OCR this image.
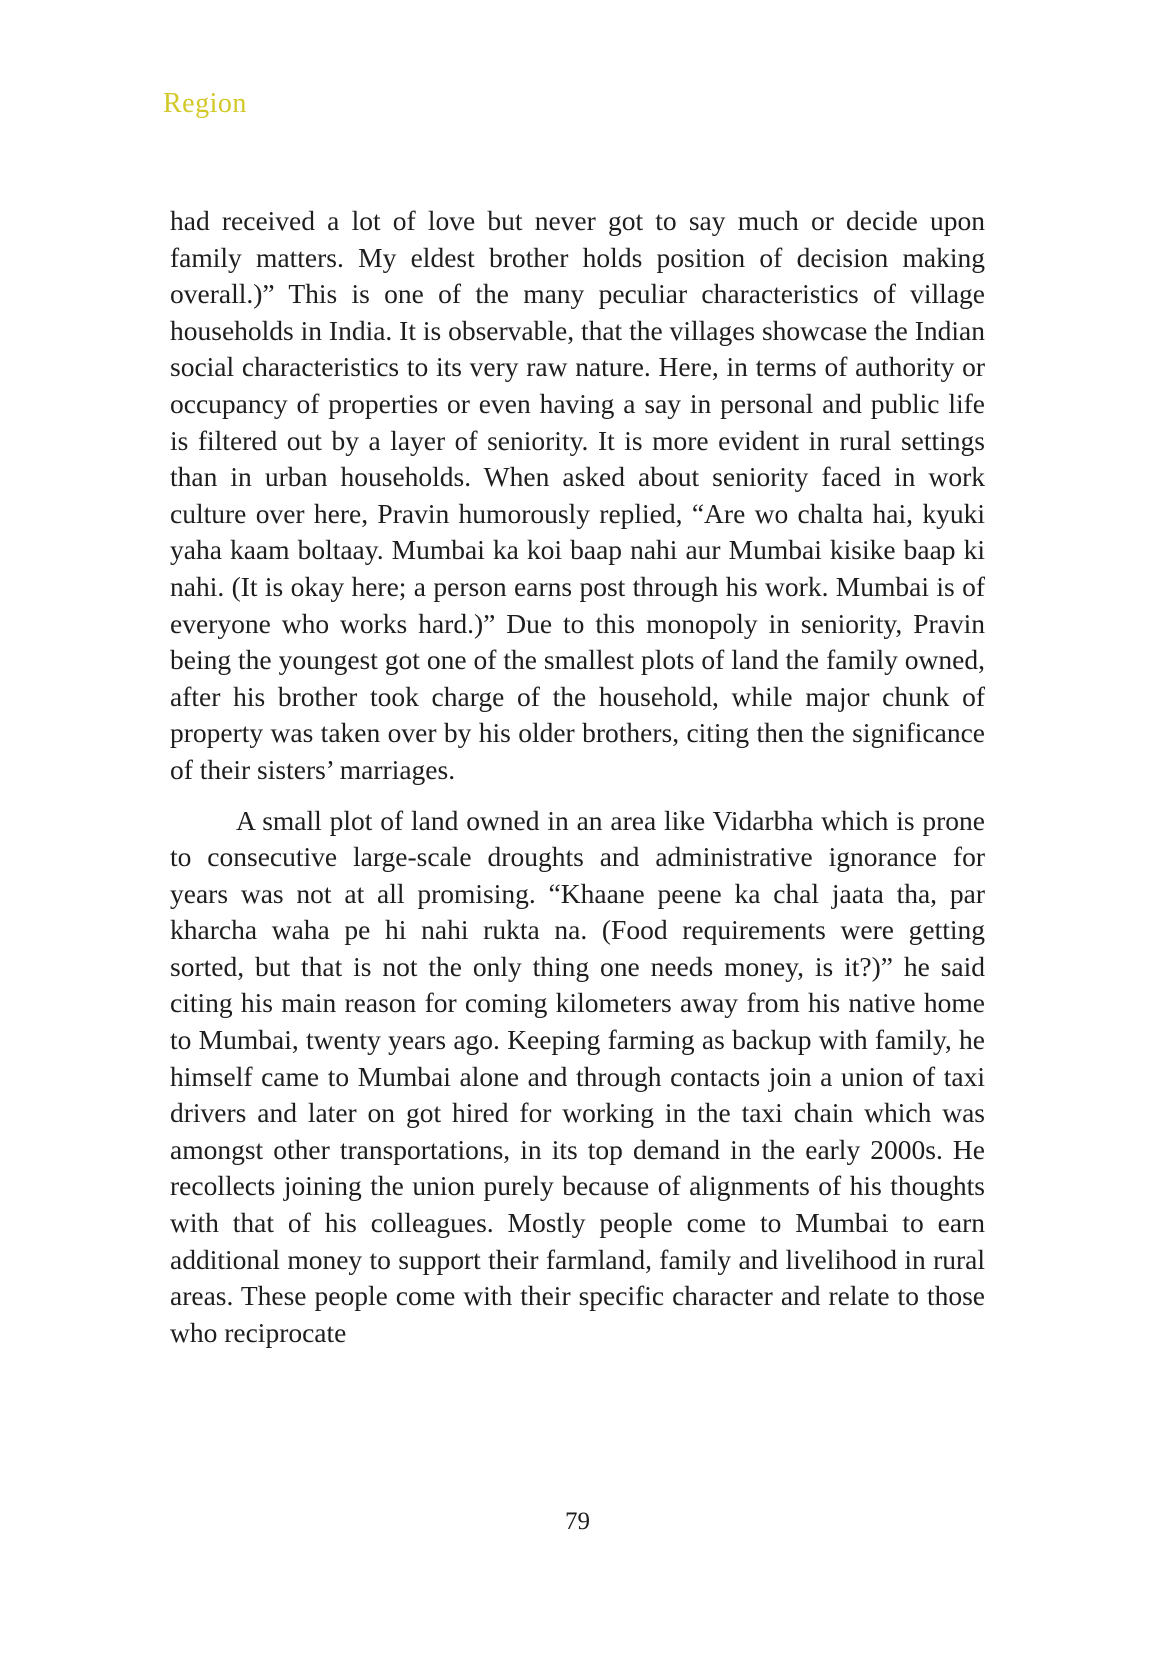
Region

had received a lot of love but never got to say much or decide upon family matters. My eldest brother holds position of decision making overall.)” This is one of the many peculiar characteristics of village households in India. It is observable, that the villages showcase the Indian social characteristics to its very raw nature. Here, in terms of authority or occupancy of properties or even having a say in personal and public life is filtered out by a layer of seniority. It is more evident in rural settings than in urban households. When asked about seniority faced in work culture over here, Pravin humorously replied, “Are wo chalta hai, kyuki yaha kaam boltaay. Mumbai ka koi baap nahi aur Mumbai kisike baap ki nahi. (It is okay here; a person earns post through his work. Mumbai is of everyone who works hard.)” Due to this monopoly in seniority, Pravin being the youngest got one of the smallest plots of land the family owned, after his brother took charge of the household, while major chunk of property was taken over by his older brothers, citing then the significance of their sisters’ marriages.

A small plot of land owned in an area like Vidarbha which is prone to consecutive large-scale droughts and administrative ignorance for years was not at all promising. “Khaane peene ka chal jaata tha, par kharcha waha pe hi nahi rukta na. (Food requirements were getting sorted, but that is not the only thing one needs money, is it?)” he said citing his main reason for coming kilometers away from his native home to Mumbai, twenty years ago. Keeping farming as backup with family, he himself came to Mumbai alone and through contacts join a union of taxi drivers and later on got hired for working in the taxi chain which was amongst other transportations, in its top demand in the early 2000s. He recollects joining the union purely because of alignments of his thoughts with that of his colleagues. Mostly people come to Mumbai to earn additional money to support their farmland, family and livelihood in rural areas. These people come with their specific character and relate to those who reciprocate

79
